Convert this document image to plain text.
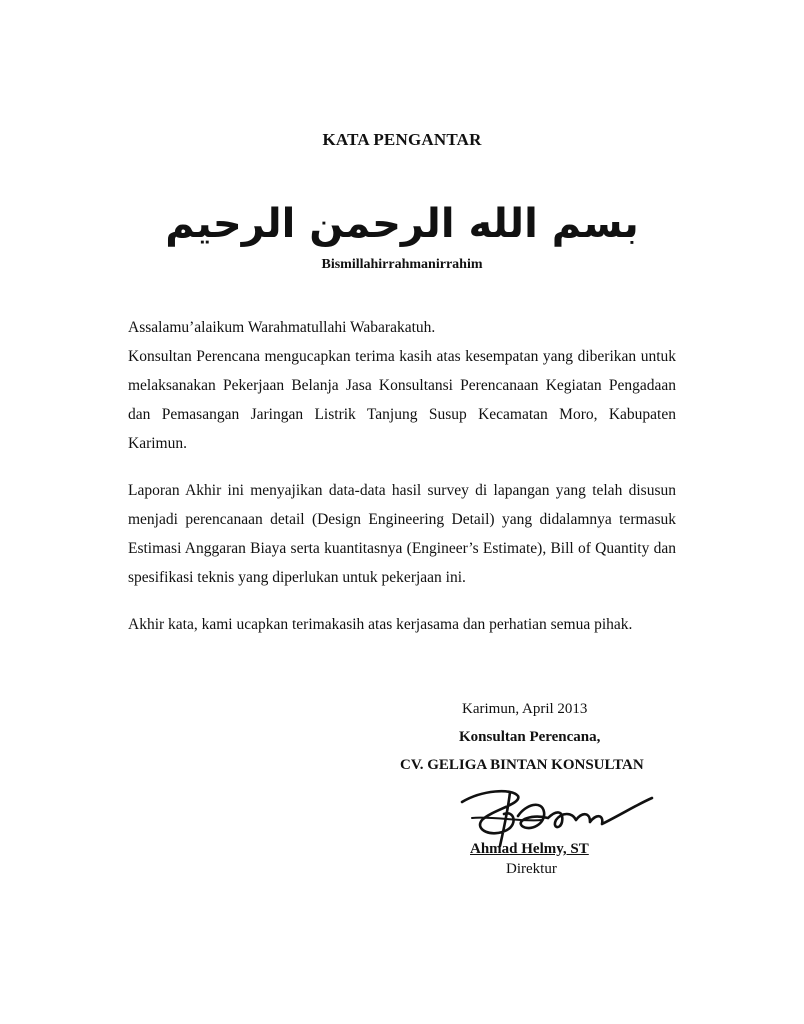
KATA PENGANTAR
بسم الله الرحمن الرحيم
Bismillahirrahmanirrahim

Assalamu’alaikum Warahmatullahi Wabarakatuh.

Konsultan Perencana mengucapkan terima kasih atas kesempatan yang diberikan untuk melaksanakan Pekerjaan Belanja Jasa Konsultansi Perencanaan Kegiatan Pengadaan dan Pemasangan Jaringan Listrik Tanjung Susup Kecamatan Moro, Kabupaten Karimun.

Laporan Akhir ini menyajikan data-data hasil survey di lapangan yang telah disusun menjadi perencanaan detail (Design Engineering Detail) yang didalamnya termasuk Estimasi Anggaran Biaya serta kuantitasnya (Engineer’s Estimate), Bill of Quantity dan spesifikasi teknis yang diperlukan untuk pekerjaan ini.

Akhir kata, kami ucapkan terimakasih atas kerjasama dan perhatian semua pihak.

Karimun, April 2013
Konsultan Perencana,
CV. GELIGA BINTAN KONSULTAN
Ahmad Helmy, ST
Direktur
